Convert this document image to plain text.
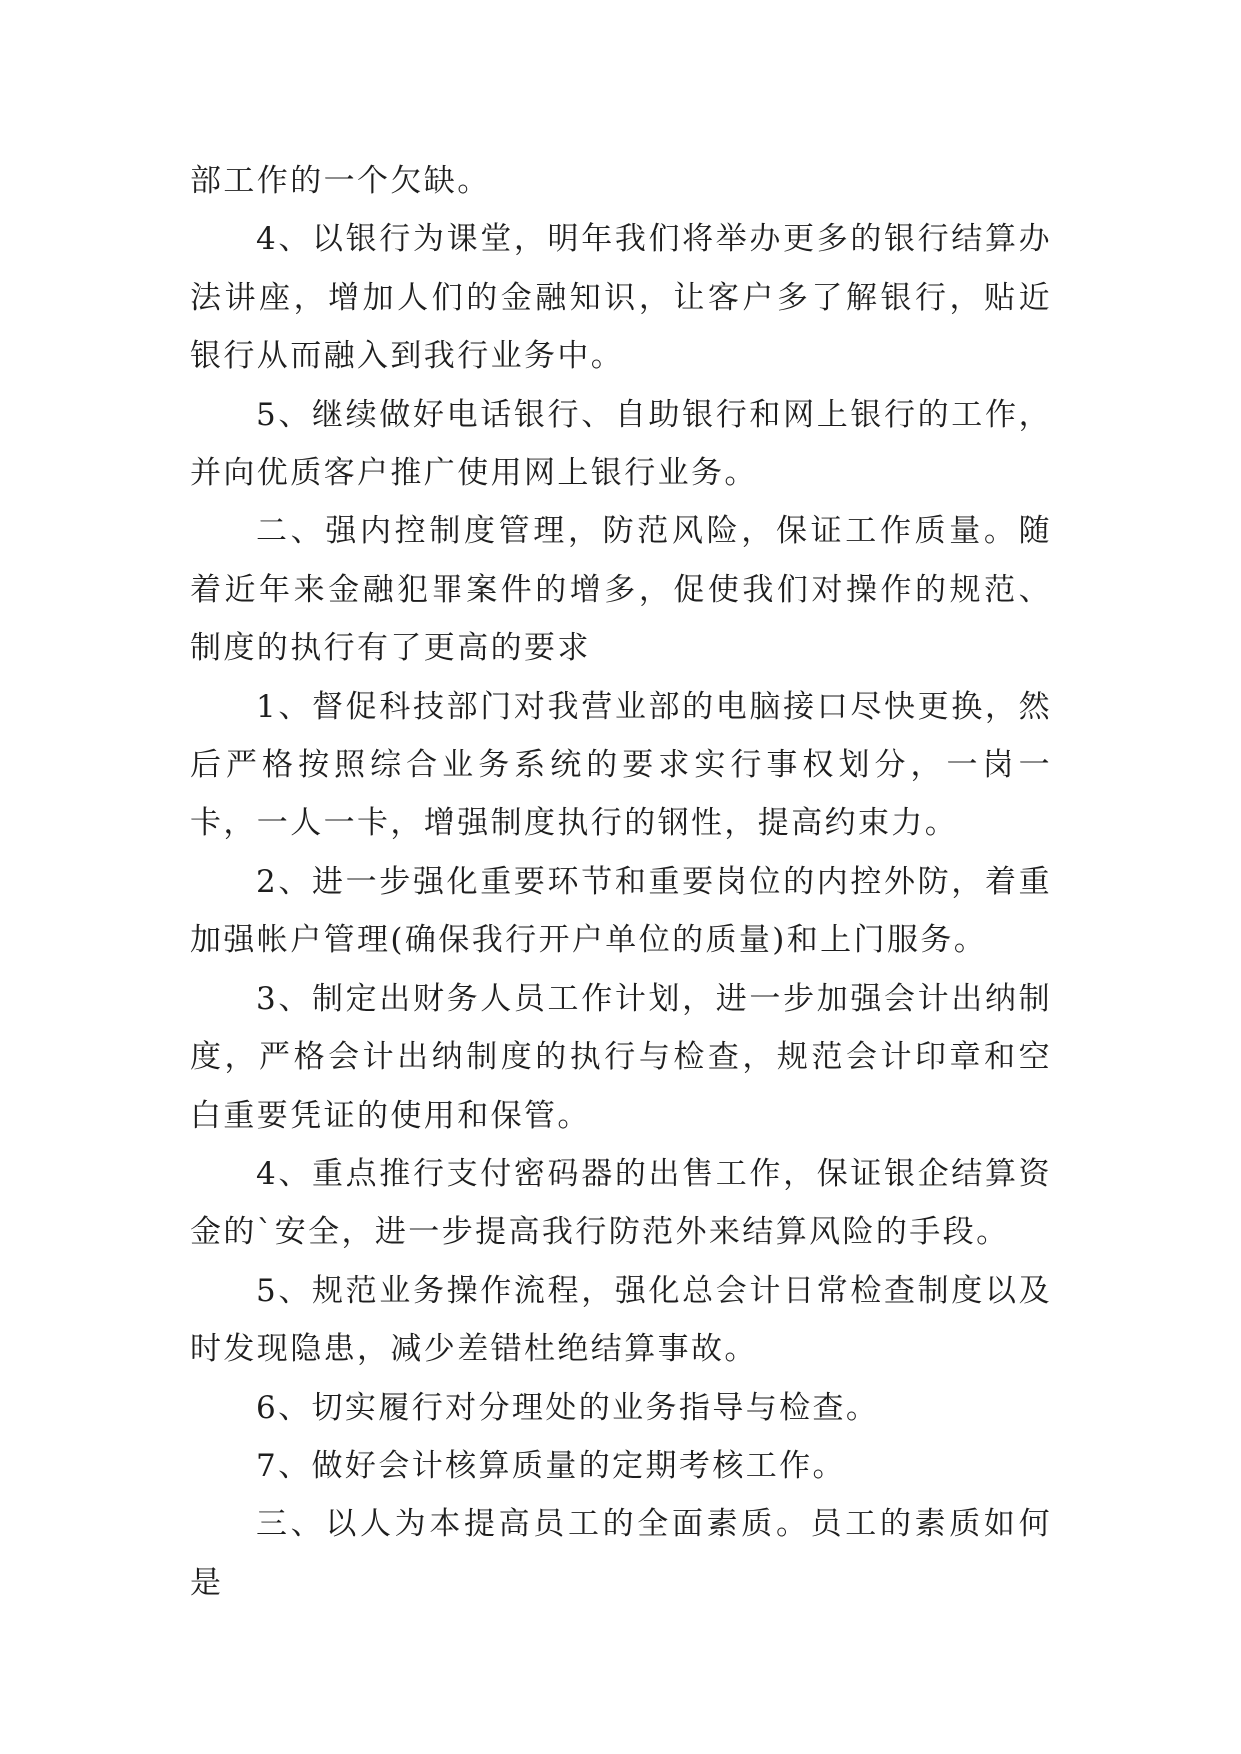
部工作的一个欠缺。

4、以银行为课堂，明年我们将举办更多的银行结算办法讲座，增加人们的金融知识，让客户多了解银行，贴近银行从而融入到我行业务中。

5、继续做好电话银行、自助银行和网上银行的工作，并向优质客户推广使用网上银行业务。

二、强内控制度管理，防范风险，保证工作质量。随着近年来金融犯罪案件的增多，促使我们对操作的规范、制度的执行有了更高的要求

1、督促科技部门对我营业部的电脑接口尽快更换，然后严格按照综合业务系统的要求实行事权划分，一岗一卡，一人一卡，增强制度执行的钢性，提高约束力。

2、进一步强化重要环节和重要岗位的内控外防，着重加强帐户管理(确保我行开户单位的质量)和上门服务。

3、制定出财务人员工作计划，进一步加强会计出纳制度，严格会计出纳制度的执行与检查，规范会计印章和空白重要凭证的使用和保管。

4、重点推行支付密码器的出售工作，保证银企结算资金的`安全，进一步提高我行防范外来结算风险的手段。

5、规范业务操作流程，强化总会计日常检查制度以及时发现隐患，减少差错杜绝结算事故。

6、切实履行对分理处的业务指导与检查。

7、做好会计核算质量的定期考核工作。

三、以人为本提高员工的全面素质。员工的素质如何是
